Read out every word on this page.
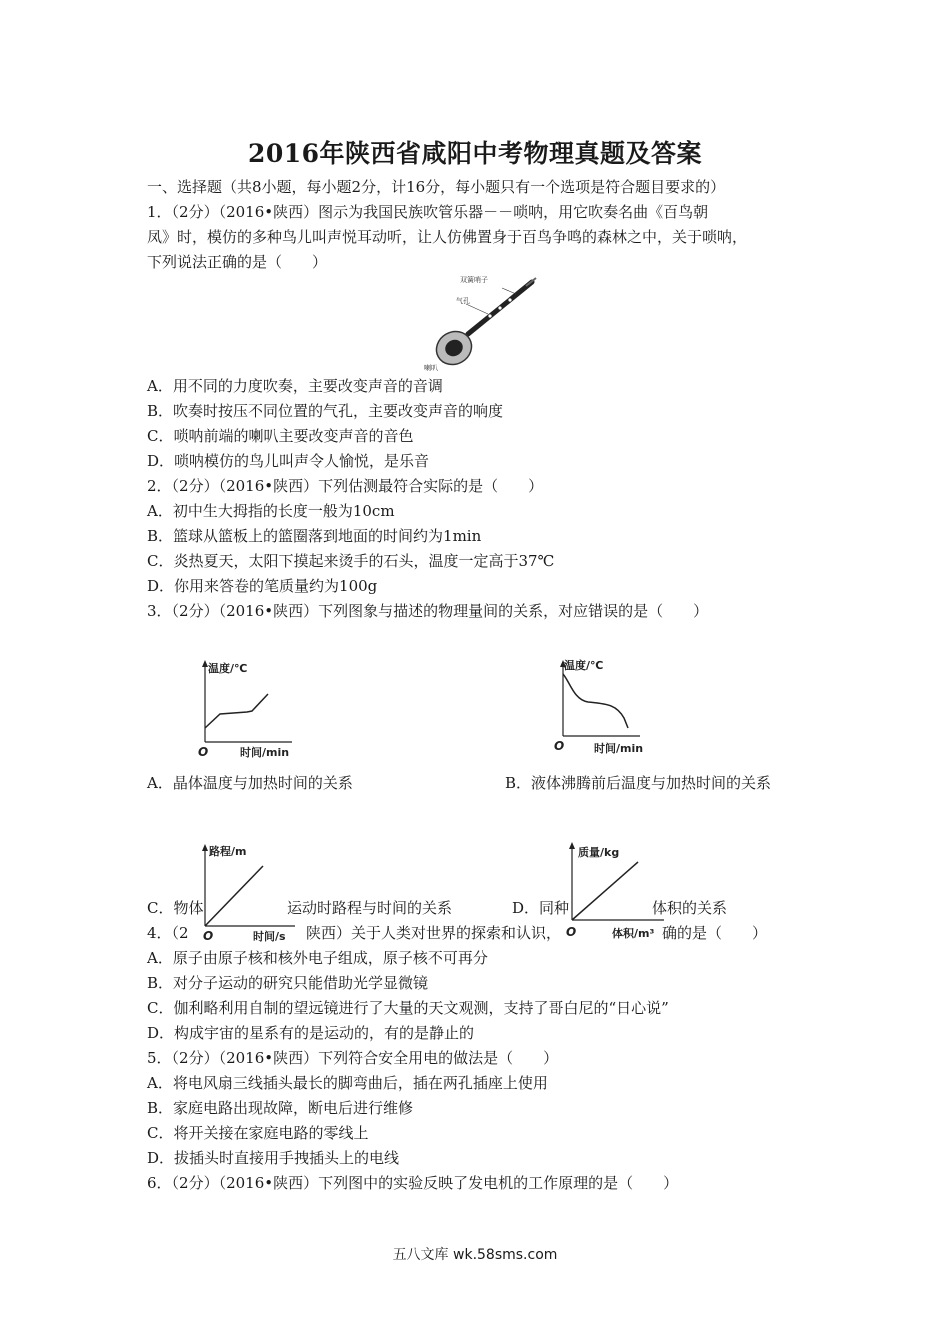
2016年陕西省咸阳中考物理真题及答案

一、选择题（共8小题，每小题2分，计16分，每小题只有一个选项是符合题目要求的）

1．（2分）（2016•陕西）图示为我国民族吹管乐器－－唢呐，用它吹奏名曲《百鸟朝

凤》时，模仿的多种鸟儿叫声悦耳动听，让人仿佛置身于百鸟争鸣的森林之中，关于唢呐，

下列说法正确的是（　　）

双簧哨子
气孔
喇叭

A．用不同的力度吹奏，主要改变声音的音调

B．吹奏时按压不同位置的气孔，主要改变声音的响度

C．唢呐前端的喇叭主要改变声音的音色

D．唢呐模仿的鸟儿叫声令人愉悦，是乐音

2．（2分）（2016•陕西）下列估测最符合实际的是（　　）

A．初中生大拇指的长度一般为10cm

B．篮球从篮板上的篮圈落到地面的时间约为1min

C．炎热夏天，太阳下摸起来烫手的石头，温度一定高于37℃

D．你用来答卷的笔质量约为100g

3．（2分）（2016•陕西）下列图象与描述的物理量间的关系，对应错误的是（　　）

温度/℃
时间/min
O

A．晶体温度与加热时间的关系

温度/℃
时间/min
O

B．液体沸腾前后温度与加热时间的关系

路程/m
时间/s
O

C．物体	运动时路程与时间的关系

质量/kg
体积/m³
O

D．同种	体积的关系

4．（2	陕西）关于人类对世界的探索和认识，	确的是（　　）

A．原子由原子核和核外电子组成，原子核不可再分

B．对分子运动的研究只能借助光学显微镜

C．伽利略利用自制的望远镜进行了大量的天文观测，支持了哥白尼的“日心说”

D．构成宇宙的星系有的是运动的，有的是静止的

5．（2分）（2016•陕西）下列符合安全用电的做法是（　　）

A．将电风扇三线插头最长的脚弯曲后，插在两孔插座上使用

B．家庭电路出现故障，断电后进行维修

C．将开关接在家庭电路的零线上

D．拔插头时直接用手拽插头上的电线

6．（2分）（2016•陕西）下列图中的实验反映了发电机的工作原理的是（　　）

五八文库 wk.58sms.com
